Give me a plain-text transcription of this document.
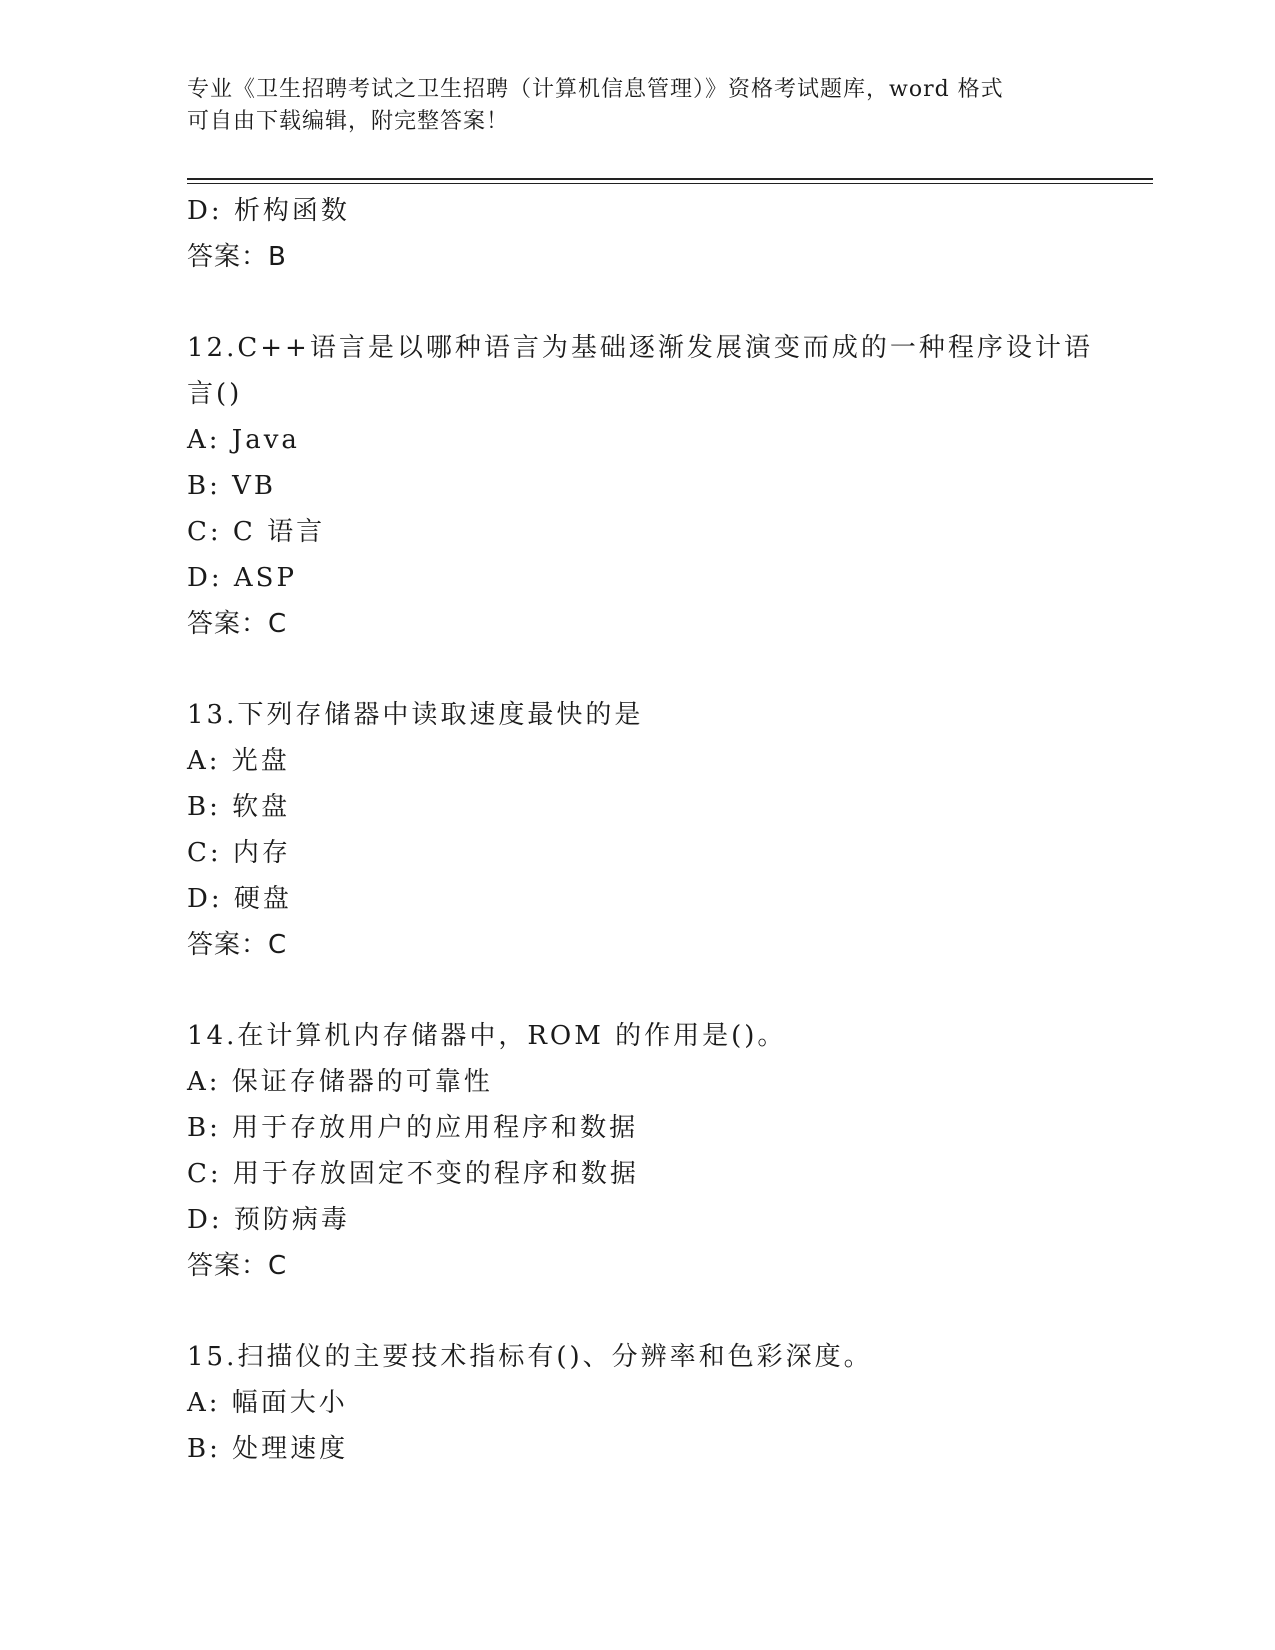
专业《卫生招聘考试之卫生招聘（计算机信息管理）》资格考试题库，word 格式
可自由下载编辑，附完整答案！
D: 析构函数
答案：B
12.C++语言是以哪种语言为基础逐渐发展演变而成的一种程序设计语
言()
A: Java
B: VB
C: C 语言
D: ASP
答案：C
13.下列存储器中读取速度最快的是
A: 光盘
B: 软盘
C: 内存
D: 硬盘
答案：C
14.在计算机内存储器中，ROM 的作用是()。
A: 保证存储器的可靠性
B: 用于存放用户的应用程序和数据
C: 用于存放固定不变的程序和数据
D: 预防病毒
答案：C
15.扫描仪的主要技术指标有()、分辨率和色彩深度。
A: 幅面大小
B: 处理速度
